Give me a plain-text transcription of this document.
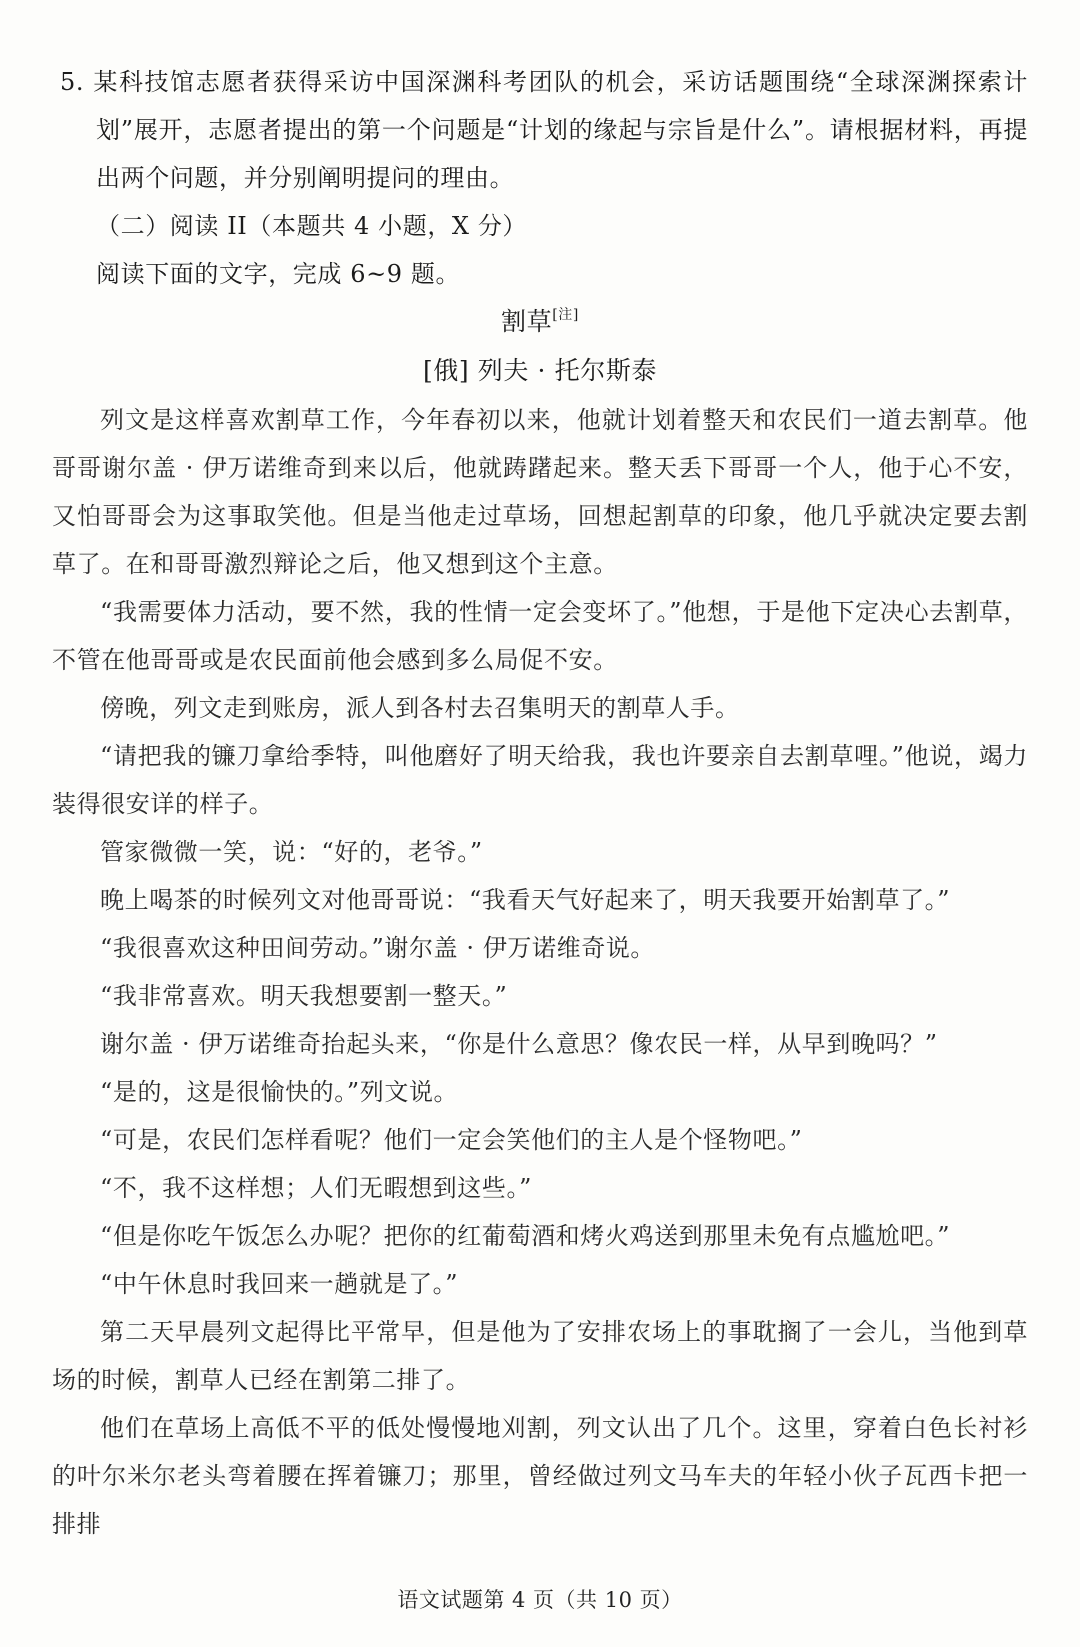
5. 某科技馆志愿者获得采访中国深渊科考团队的机会，采访话题围绕“全球深渊探索计划”展开，志愿者提出的第一个问题是“计划的缘起与宗旨是什么”。请根据材料，再提出两个问题，并分别阐明提问的理由。

（二）阅读 II（本题共 4 小题，X 分）

阅读下面的文字，完成 6~9 题。

割草[注]

[俄] 列夫 · 托尔斯泰

列文是这样喜欢割草工作，今年春初以来，他就计划着整天和农民们一道去割草。他哥哥谢尔盖 · 伊万诺维奇到来以后，他就踌躇起来。整天丢下哥哥一个人，他于心不安，又怕哥哥会为这事取笑他。但是当他走过草场，回想起割草的印象，他几乎就决定要去割草了。在和哥哥激烈辩论之后，他又想到这个主意。

“我需要体力活动，要不然，我的性情一定会变坏了。”他想，于是他下定决心去割草，不管在他哥哥或是农民面前他会感到多么局促不安。

傍晚，列文走到账房，派人到各村去召集明天的割草人手。

“请把我的镰刀拿给季特，叫他磨好了明天给我，我也许要亲自去割草哩。”他说，竭力装得很安详的样子。

管家微微一笑，说：“好的，老爷。”

晚上喝茶的时候列文对他哥哥说：“我看天气好起来了，明天我要开始割草了。”

“我很喜欢这种田间劳动。”谢尔盖 · 伊万诺维奇说。

“我非常喜欢。明天我想要割一整天。”

谢尔盖 · 伊万诺维奇抬起头来，“你是什么意思？像农民一样，从早到晚吗？”

“是的，这是很愉快的。”列文说。

“可是，农民们怎样看呢？他们一定会笑他们的主人是个怪物吧。”

“不，我不这样想；人们无暇想到这些。”

“但是你吃午饭怎么办呢？把你的红葡萄酒和烤火鸡送到那里未免有点尴尬吧。”

“中午休息时我回来一趟就是了。”

第二天早晨列文起得比平常早，但是他为了安排农场上的事耽搁了一会儿，当他到草场的时候，割草人已经在割第二排了。

他们在草场上高低不平的低处慢慢地刈割，列文认出了几个。这里，穿着白色长衬衫的叶尔米尔老头弯着腰在挥着镰刀；那里，曾经做过列文马车夫的年轻小伙子瓦西卡把一排排

语文试题第 4 页（共 10 页）
